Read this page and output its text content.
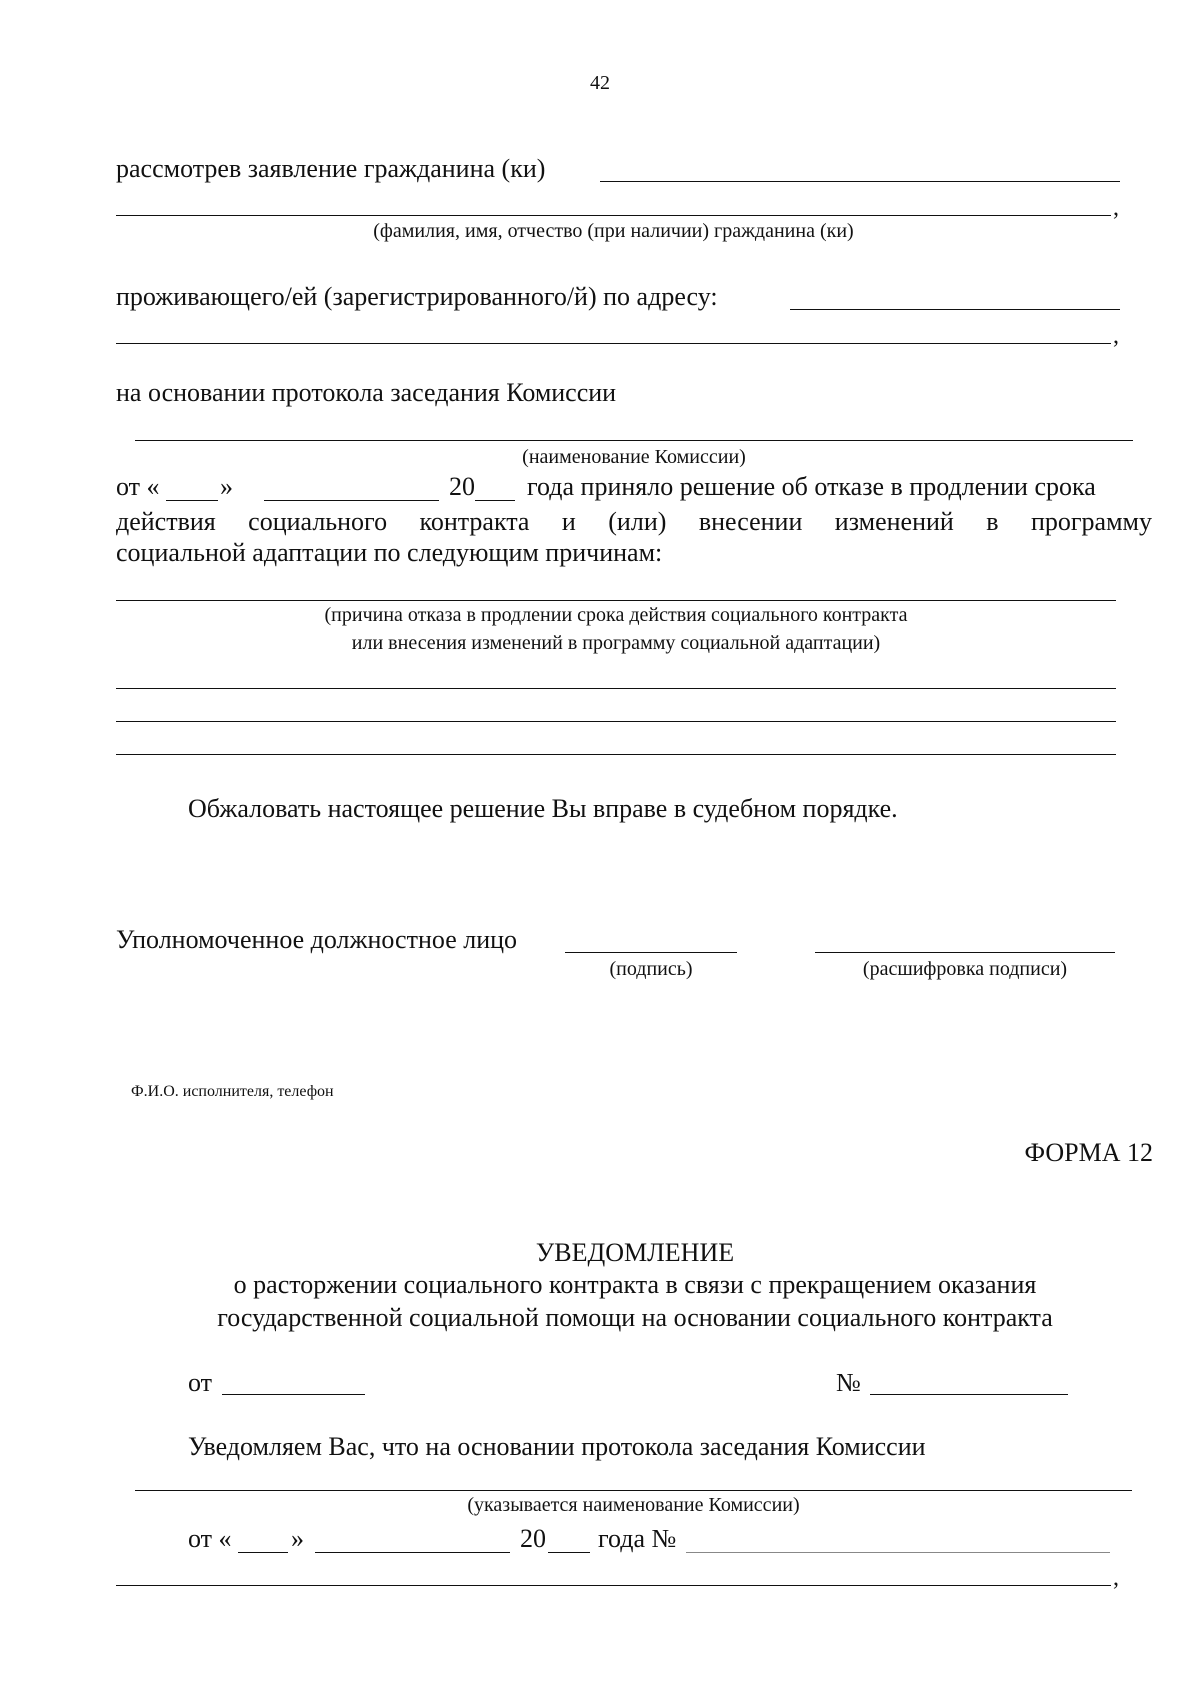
42
рассмотрев заявление гражданина (ки)
,
(фамилия, имя, отчество (при наличии) гражданина (ки)
проживающего/ей (зарегистрированного/й) по адресу:
,
на основании протокола заседания Комиссии
(наименование Комиссии)
от « »	20 года приняло решение об отказе в продлении срока
действия социального контракта и (или) внесении изменений в программу
социальной адаптации по следующим причинам:
(причина отказа в продлении срока действия социального контракта
или внесения изменений в программу социальной адаптации)
Обжаловать настоящее решение Вы вправе в судебном порядке.
Уполномоченное должностное лицо
(подпись)	(расшифровка подписи)
Ф.И.О. исполнителя, телефон
ФОРМА 12
УВЕДОМЛЕНИЕ
о расторжении социального контракта в связи с прекращением оказания
государственной социальной помощи на основании социального контракта
от	№
Уведомляем Вас, что на основании протокола заседания Комиссии
(указывается наименование Комиссии)
от « »	20 года №
,
